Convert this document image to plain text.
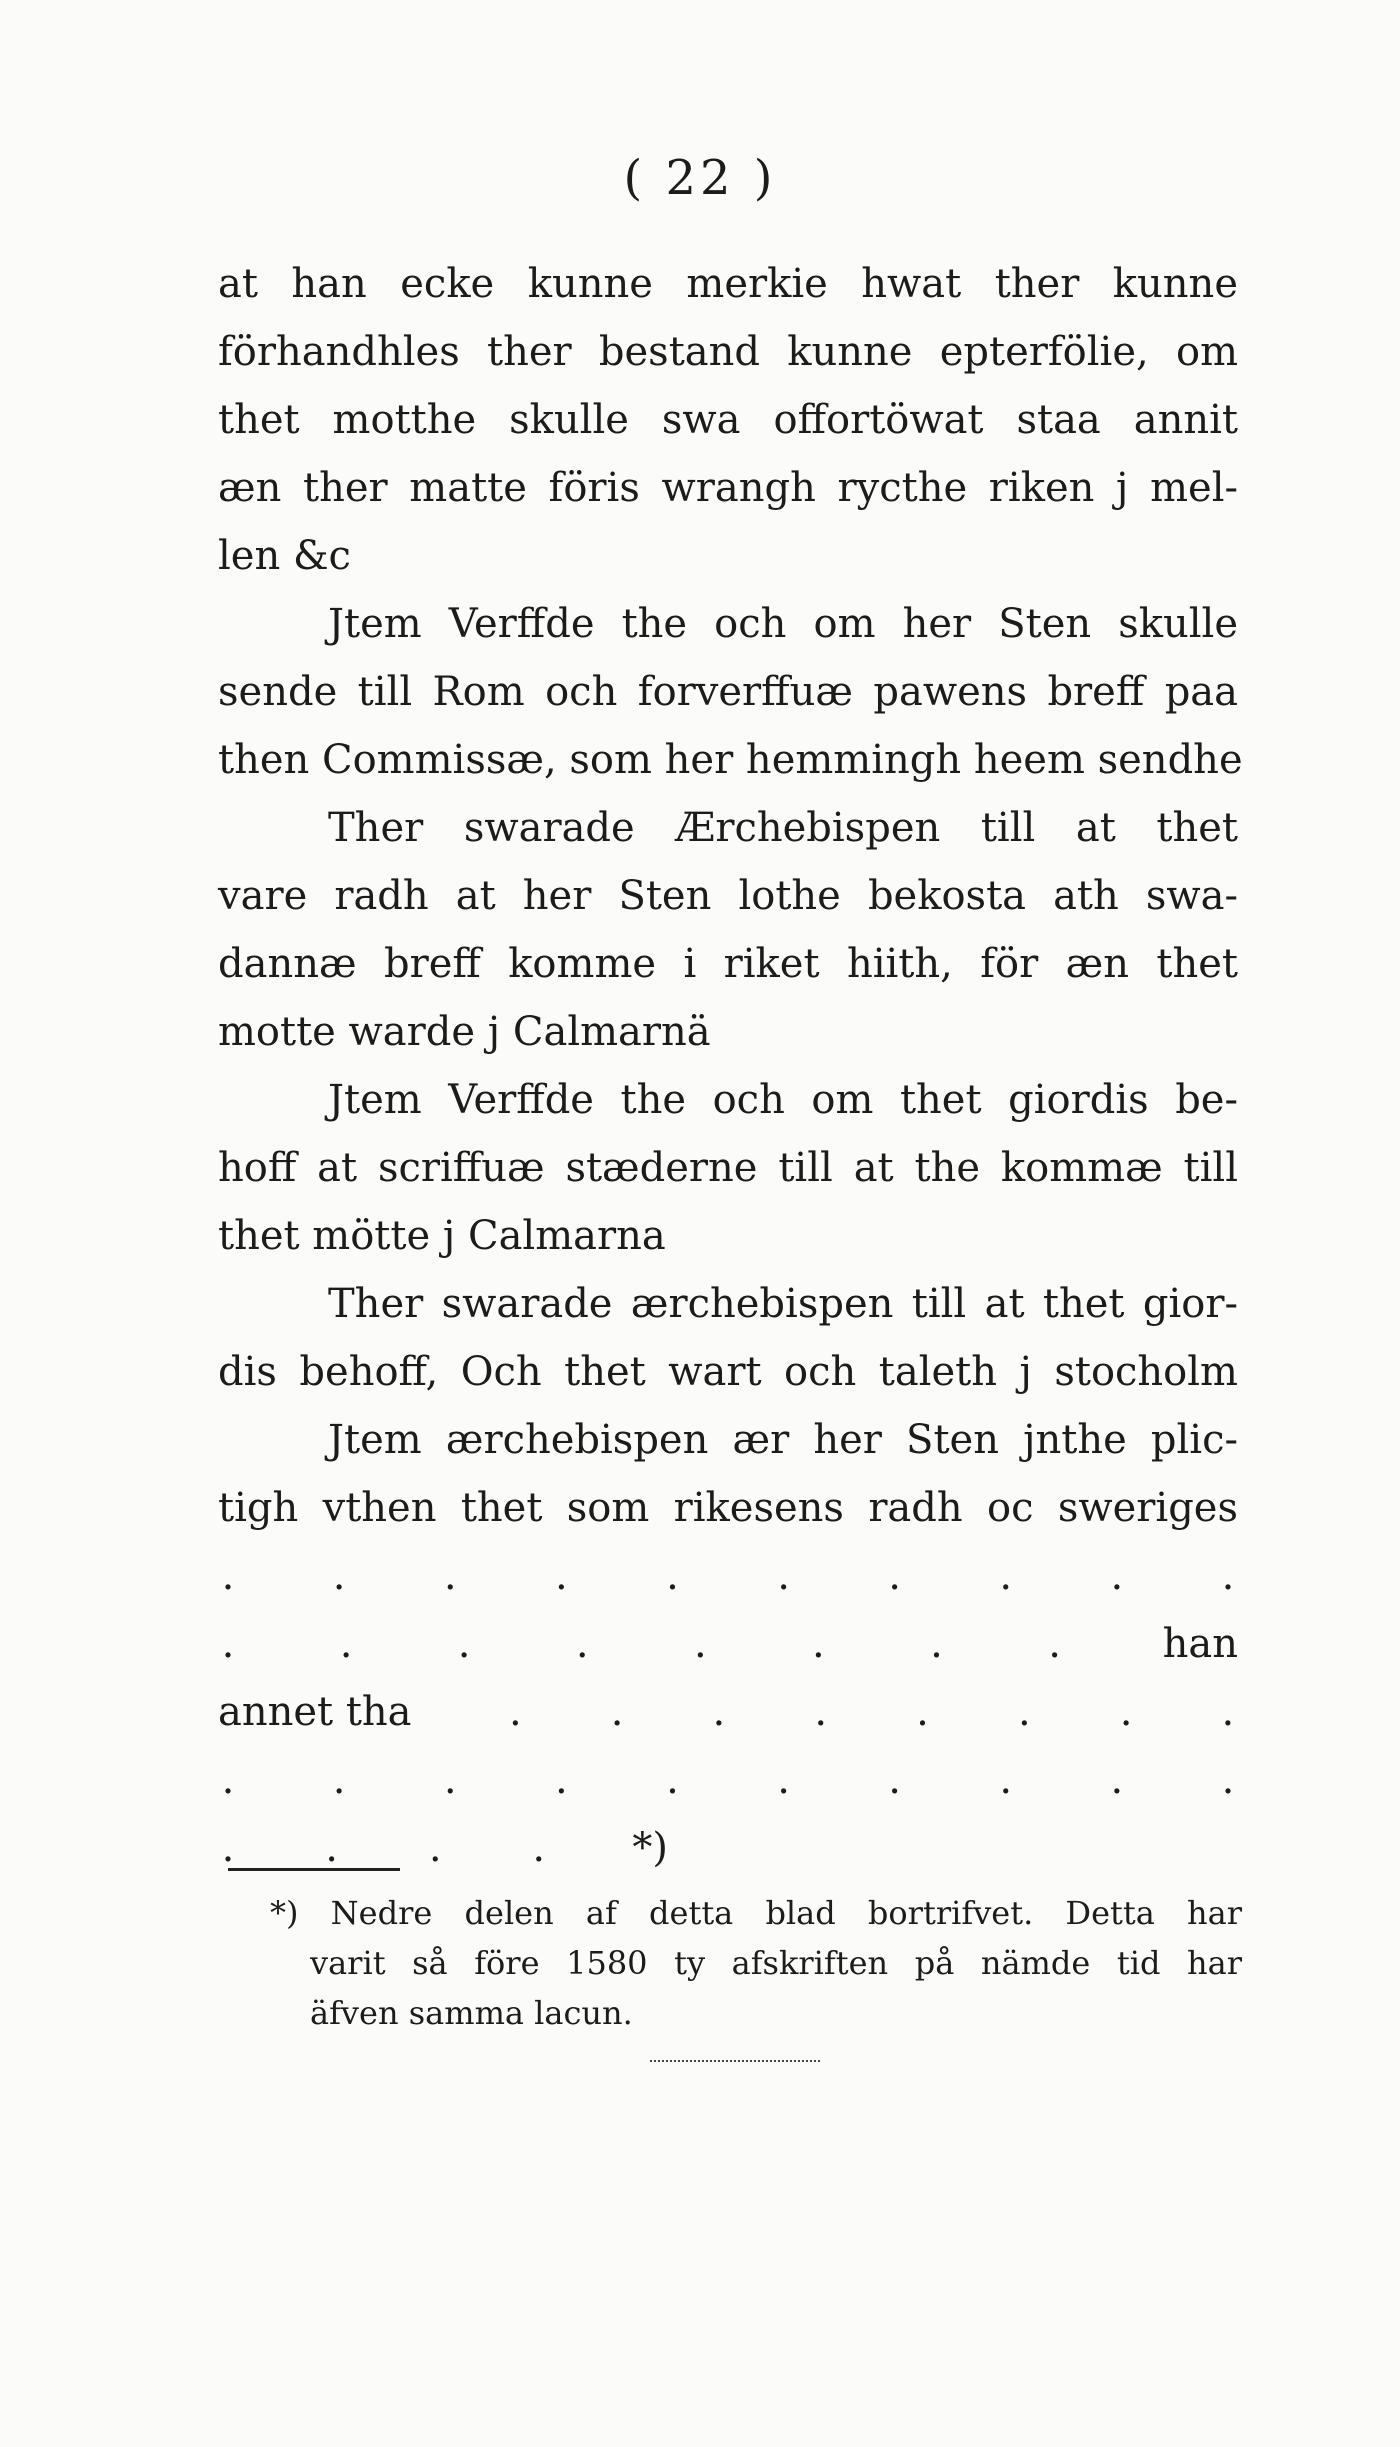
( 22 )
at han ecke kunne merkie hwat ther kunne
förhandhles ther bestand kunne epterfölie, om
thet motthe skulle swa offortöwat staa annit
æn ther matte föris wrangh rycthe riken j mel-
len &c
Jtem Verffde the och om her Sten skulle
sende till Rom och forverffuæ pawens breff paa
then Commissæ, som her hemmingh heem sendhe
Ther swarade Ærchebispen till at thet
vare radh at her Sten lothe bekosta ath swa-
dannæ breff komme i riket hiith, för æn thet
motte warde j Calmarnä
Jtem Verffde the och om thet giordis be-
hoff at scriffuæ stæderne till at the kommæ till
thet mötte j Calmarna
Ther swarade ærchebispen till at thet gior-
dis behoff, Och thet wart och taleth j stocholm
Jtem ærchebispen ær her Sten jnthe plic-
tigh vthen thet som rikesens radh oc sweriges
. . . . . . . . . .
.	.	.	.	.	.	.	.	han
annet tha . . . . . . . .
. . . . . . . . . .
. . . . *)
*) Nedre delen af detta blad bortrifvet. Detta har
varit så före 1580 ty afskriften på nämde tid har
äfven samma lacun.
